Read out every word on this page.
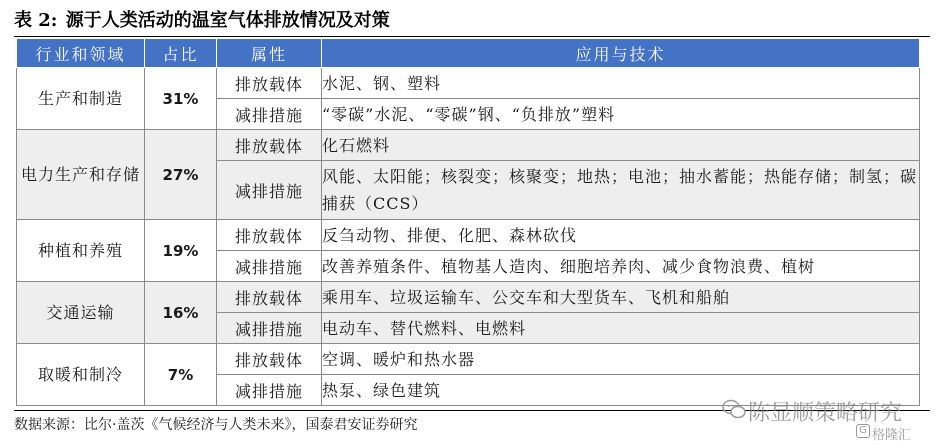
表 2: 源于人类活动的温室气体排放情况及对策
行业和领域	占比	属性	应用与技术
生产和制造	31%	排放载体	水泥、钢、塑料
		减排措施	“零碳”水泥、“零碳”钢、“负排放”塑料
电力生产和存储	27%	排放载体	化石燃料
		减排措施	风能、太阳能；核裂变；核聚变；地热；电池；抽水蓄能；热能存储；制氢；碳捕获（CCS）
种植和养殖	19%	排放载体	反刍动物、排便、化肥、森林砍伐
		减排措施	改善养殖条件、植物基人造肉、细胞培养肉、减少食物浪费、植树
交通运输	16%	排放载体	乘用车、垃圾运输车、公交车和大型货车、飞机和船舶
		减排措施	电动车、替代燃料、电燃料
取暖和制冷	7%	排放载体	空调、暖炉和热水器
		减排措施	热泵、绿色建筑
数据来源：比尔·盖茨《气候经济与人类未来》，国泰君安证券研究	陈显顺策略研究
G 格隆汇
